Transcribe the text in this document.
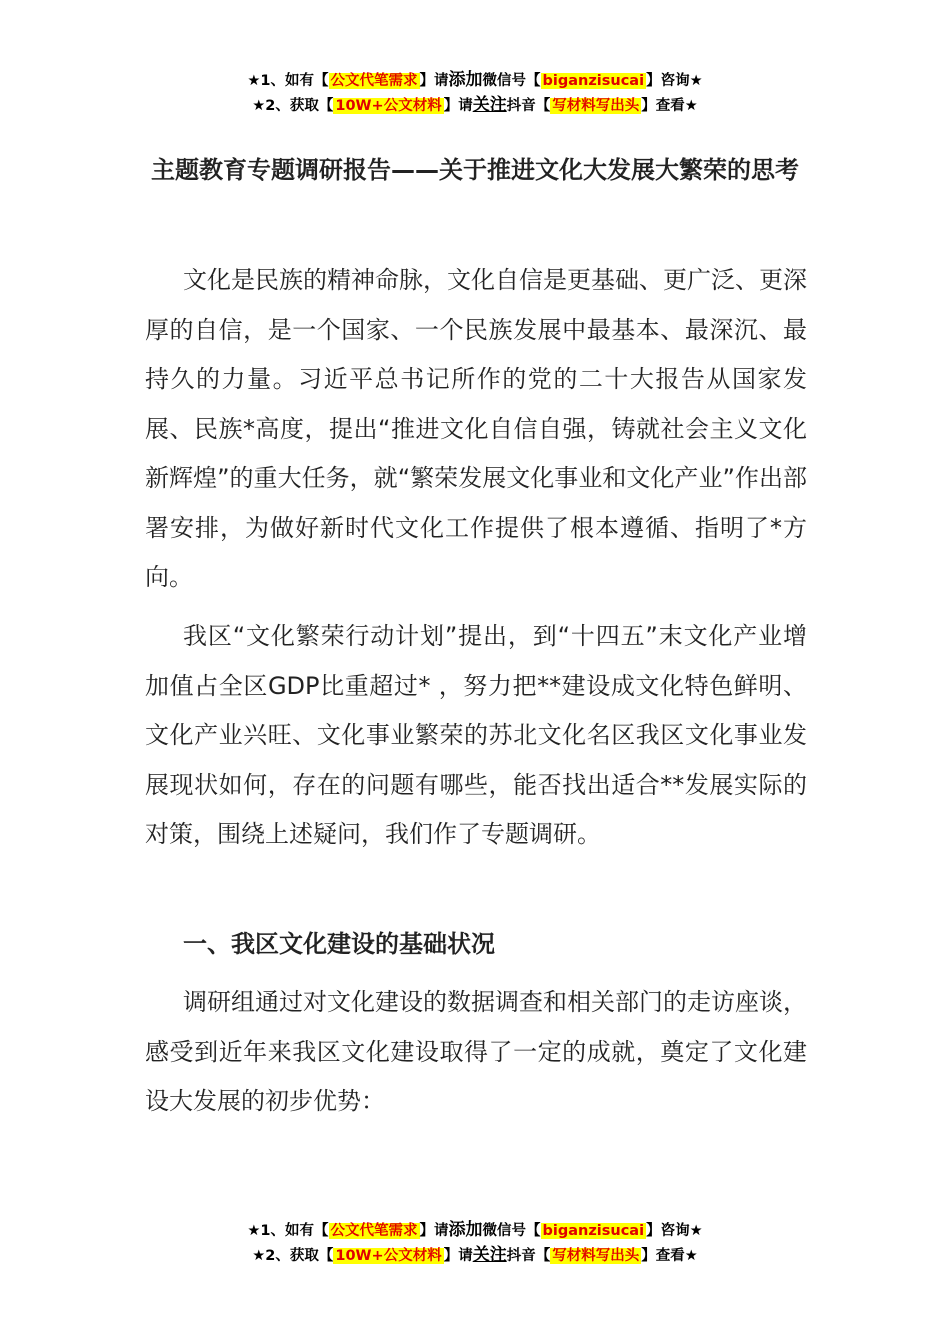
★1、如有【 公文代笔需求 】请添加微信号【 biganzisucai 】咨询★
★2、获取【 10W+公文材料 】请关注抖音【 写材料写出头 】查看★
主题教育专题调研报告——关于推进文化大发展大繁荣的思考

文化是民族的精神命脉，文化自信是更基础、更广泛、更深厚的自信，是一个国家、一个民族发展中最基本、最深沉、最持久的力量。习近平总书记所作的党的二十大报告从国家发展、民族*高度，提出“推进文化自信自强，铸就社会主义文化新辉煌”的重大任务，就“繁荣发展文化事业和文化产业”作出部署安排，为做好新时代文化工作提供了根本遵循、指明了*方向。

我区“文化繁荣行动计划”提出，到“十四五”末文化产业增加值占全区GDP比重超过* ，努力把**建设成文化特色鲜明、文化产业兴旺、文化事业繁荣的苏北文化名区我区文化事业发展现状如何，存在的问题有哪些，能否找出适合**发展实际的对策，围绕上述疑问，我们作了专题调研。

一、我区文化建设的基础状况

调研组通过对文化建设的数据调查和相关部门的走访座谈，感受到近年来我区文化建设取得了一定的成就，奠定了文化建设大发展的初步优势：

★1、如有【 公文代笔需求 】请添加微信号【 biganzisucai 】咨询★
★2、获取【 10W+公文材料 】请关注抖音【 写材料写出头 】查看★
